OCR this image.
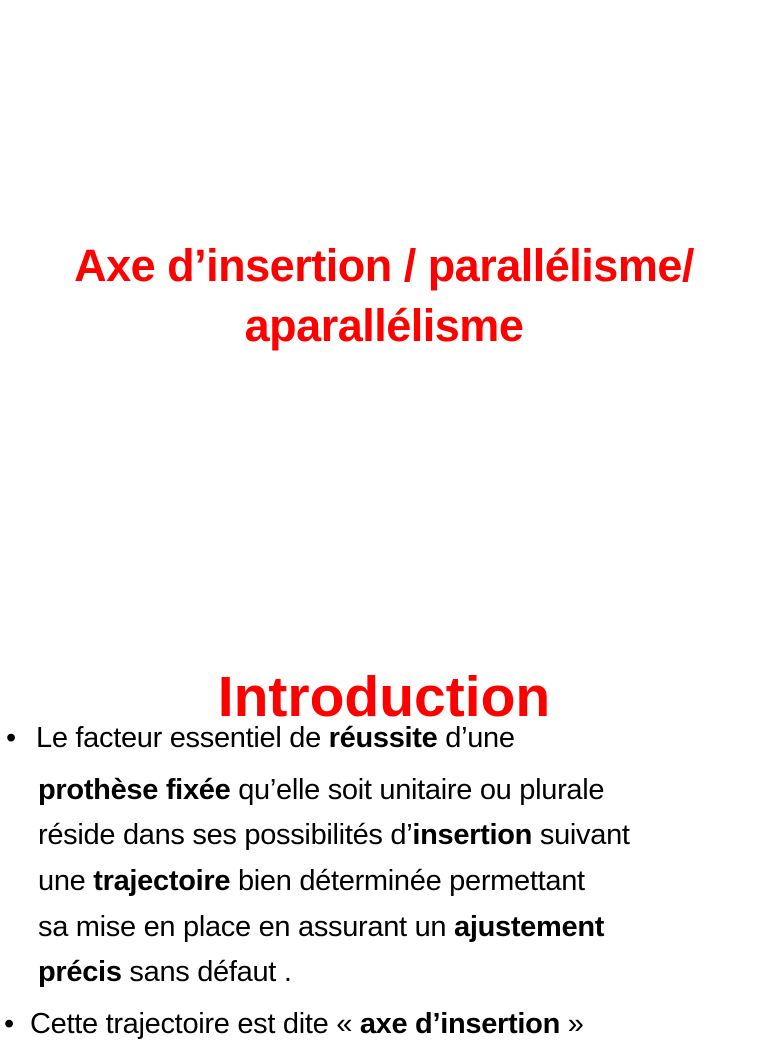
Axe d’insertion / parallélisme/
aparallélisme
Introduction
• Le facteur essentiel de réussite d’une
prothèse fixée qu’elle soit unitaire ou plurale
réside dans ses possibilités d’insertion suivant
une trajectoire bien déterminée permettant
sa mise en place en assurant un ajustement
précis sans défaut .
• Cette trajectoire est dite « axe d’insertion »
